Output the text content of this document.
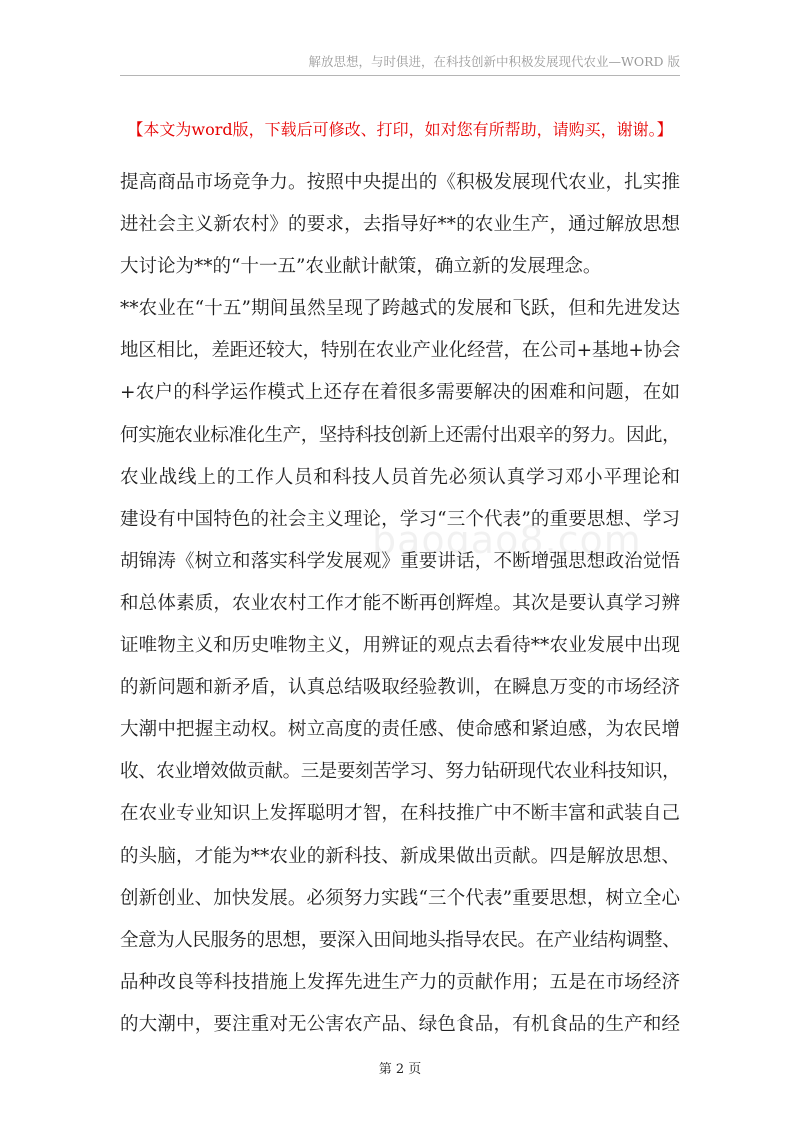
解放思想，与时俱进，在科技创新中积极发展现代农业—WORD 版
【本文为word版，下载后可修改、打印，如对您有所帮助，请购买，谢谢。】
baogao8.com
提高商品市场竞争力。按照中央提出的《积极发展现代农业，扎实推
进社会主义新农村》的要求，去指导好**的农业生产，通过解放思想
大讨论为**的“十一五”农业献计献策，确立新的发展理念。
**农业在“十五”期间虽然呈现了跨越式的发展和飞跃，但和先进发达
地区相比，差距还较大，特别在农业产业化经营，在公司+基地+协会
+农户的科学运作模式上还存在着很多需要解决的困难和问题，在如
何实施农业标准化生产，坚持科技创新上还需付出艰辛的努力。因此，
农业战线上的工作人员和科技人员首先必须认真学习邓小平理论和
建设有中国特色的社会主义理论，学习“三个代表”的重要思想、学习
胡锦涛《树立和落实科学发展观》重要讲话，不断增强思想政治觉悟
和总体素质，农业农村工作才能不断再创辉煌。其次是要认真学习辨
证唯物主义和历史唯物主义，用辨证的观点去看待**农业发展中出现
的新问题和新矛盾，认真总结吸取经验教训，在瞬息万变的市场经济
大潮中把握主动权。树立高度的责任感、使命感和紧迫感，为农民增
收、农业增效做贡献。三是要刻苦学习、努力钻研现代农业科技知识，
在农业专业知识上发挥聪明才智，在科技推广中不断丰富和武装自己
的头脑，才能为**农业的新科技、新成果做出贡献。四是解放思想、
创新创业、加快发展。必须努力实践“三个代表”重要思想，树立全心
全意为人民服务的思想，要深入田间地头指导农民。在产业结构调整、
品种改良等科技措施上发挥先进生产力的贡献作用；五是在市场经济
的大潮中，要注重对无公害农产品、绿色食品，有机食品的生产和经
第 2 页
